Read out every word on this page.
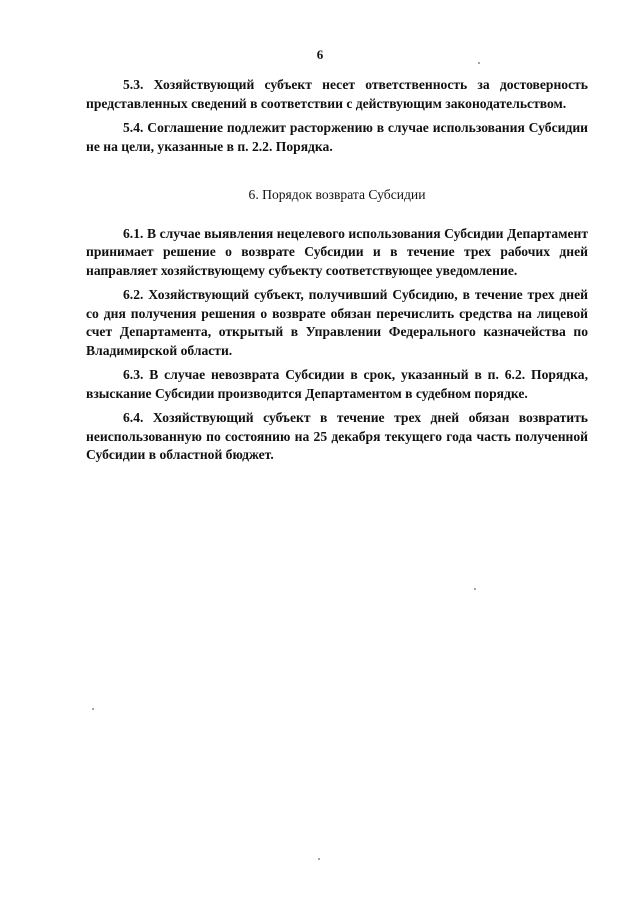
6

5.3. Хозяйствующий субъект несет ответственность за достоверность представленных сведений в соответствии с действующим законодательством.

5.4. Соглашение подлежит расторжению в случае использования Субсидии не на цели, указанные в п. 2.2. Порядка.

6. Порядок возврата Субсидии

6.1. В случае выявления нецелевого использования Субсидии Департамент принимает решение о возврате Субсидии и в течение трех рабочих дней направляет хозяйствующему субъекту соответствующее уведомление.

6.2. Хозяйствующий субъект, получивший Субсидию, в течение трех дней со дня получения решения о возврате обязан перечислить средства на лицевой счет Департамента, открытый в Управлении Федерального казначейства по Владимирской области.

6.3. В случае невозврата Субсидии в срок, указанный в п. 6.2. Порядка, взыскание Субсидии производится Департаментом в судебном порядке.

6.4. Хозяйствующий субъект в течение трех дней обязан возвратить неиспользованную по состоянию на 25 декабря текущего года часть полученной Субсидии в областной бюджет.
